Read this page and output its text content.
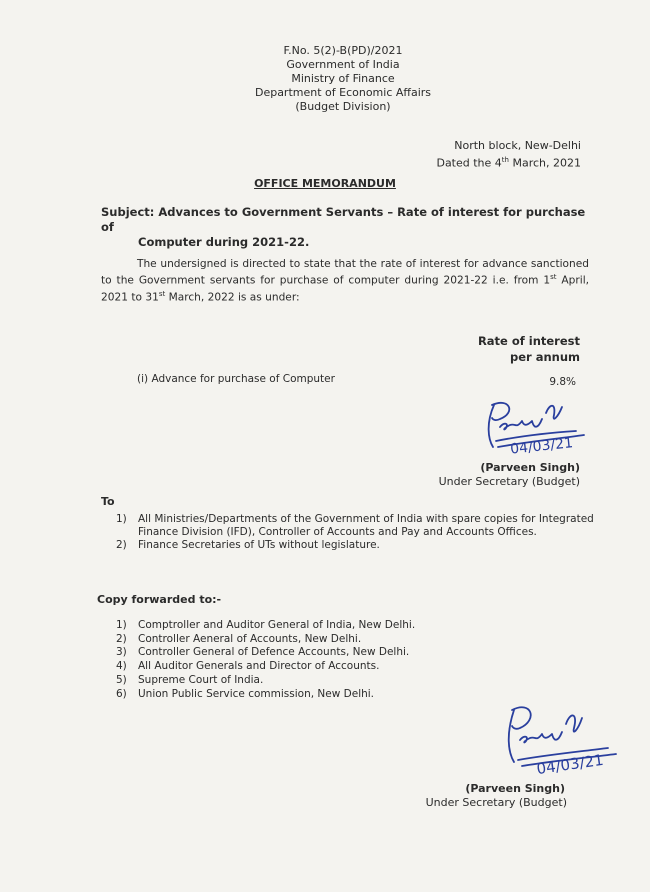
F.No. 5(2)-B(PD)/2021
Government of India
Ministry of Finance
Department of Economic Affairs
(Budget Division)
North block, New-Delhi
Dated the 4th March, 2021
OFFICE MEMORANDUM
Subject: Advances to Government Servants – Rate of interest for purchase of
Computer during 2021-22.
The undersigned is directed to state that the rate of interest for advance sanctioned to the Government servants for purchase of computer during 2021-22 i.e. from 1st April, 2021 to 31st March, 2022 is as under:
Rate of interest
per annum
(i) Advance for purchase of Computer	9.8%
04/03/21
(Parveen Singh)
Under Secretary (Budget)
To
1) All Ministries/Departments of the Government of India with spare copies for Integrated
Finance Division (IFD), Controller of Accounts and Pay and Accounts Offices.
2) Finance Secretaries of UTs without legislature.
Copy forwarded to:-
1) Comptroller and Auditor General of India, New Delhi.
2) Controller Aeneral of Accounts, New Delhi.
3) Controller General of Defence Accounts, New Delhi.
4) All Auditor Generals and Director of Accounts.
5) Supreme Court of India.
6) Union Public Service commission, New Delhi.
04/03/21
(Parveen Singh)
Under Secretary (Budget)
